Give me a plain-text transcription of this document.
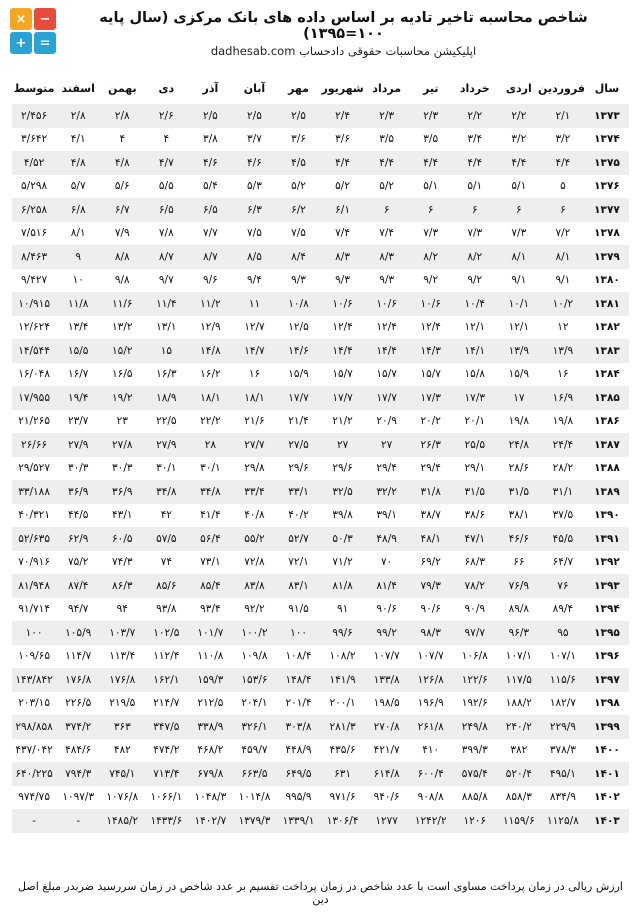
×	−
+	=
شاخص محاسبه تاخیر تادیه بر اساس داده های بانک مرکزی (سال پایه ۱۰۰=۱۳۹۵)
اپلیکیشن محاسبات حقوقی دادحساب dadhesab.com
سال	فروردین	اردی	خرداد	تیر	مرداد	شهریور	مهر	آبان	آذر	دی	بهمن	اسفند	متوسط
۱۳۷۳	۲/۱	۲/۲	۲/۲	۲/۳	۲/۳	۲/۴	۲/۵	۲/۵	۲/۵	۲/۶	۲/۸	۲/۸	۲/۴۵۶
۱۳۷۴	۳/۲	۳/۲	۳/۴	۳/۵	۳/۵	۳/۶	۳/۶	۳/۷	۳/۸	۴	۴	۴/۱	۳/۶۴۲
۱۳۷۵	۴/۴	۴/۴	۴/۴	۴/۴	۴/۴	۴/۴	۴/۵	۴/۶	۴/۶	۴/۷	۴/۸	۴/۸	۴/۵۲
۱۳۷۶	۵	۵/۱	۵/۱	۵/۱	۵/۲	۵/۲	۵/۲	۵/۳	۵/۴	۵/۵	۵/۶	۵/۷	۵/۲۹۸
۱۳۷۷	۶	۶	۶	۶	۶	۶/۱	۶/۲	۶/۳	۶/۵	۶/۵	۶/۷	۶/۸	۶/۲۵۸
۱۳۷۸	۷/۲	۷/۳	۷/۳	۷/۳	۷/۴	۷/۴	۷/۵	۷/۵	۷/۷	۷/۸	۷/۹	۸/۱	۷/۵۱۶
۱۳۷۹	۸/۱	۸/۱	۸/۲	۸/۲	۸/۳	۸/۳	۸/۴	۸/۵	۸/۷	۸/۷	۸/۸	۹	۸/۴۶۳
۱۳۸۰	۹/۱	۹/۱	۹/۲	۹/۲	۹/۳	۹/۳	۹/۳	۹/۴	۹/۶	۹/۷	۹/۸	۱۰	۹/۴۲۷
۱۳۸۱	۱۰/۲	۱۰/۱	۱۰/۴	۱۰/۶	۱۰/۶	۱۰/۶	۱۰/۸	۱۱	۱۱/۲	۱۱/۴	۱۱/۶	۱۱/۸	۱۰/۹۱۵
۱۳۸۲	۱۲	۱۲/۱	۱۲/۱	۱۲/۴	۱۲/۴	۱۲/۴	۱۲/۵	۱۲/۷	۱۲/۹	۱۳/۱	۱۳/۲	۱۳/۴	۱۲/۶۲۴
۱۳۸۳	۱۳/۹	۱۳/۹	۱۴/۱	۱۴/۳	۱۴/۴	۱۴/۴	۱۴/۶	۱۴/۷	۱۴/۸	۱۵	۱۵/۲	۱۵/۵	۱۴/۵۴۴
۱۳۸۴	۱۶	۱۵/۹	۱۵/۸	۱۵/۷	۱۵/۷	۱۵/۷	۱۵/۹	۱۶	۱۶/۲	۱۶/۳	۱۶/۵	۱۶/۷	۱۶/۰۴۸
۱۳۸۵	۱۶/۹	۱۷	۱۷/۳	۱۷/۳	۱۷/۷	۱۷/۷	۱۷/۷	۱۸/۱	۱۸/۱	۱۸/۹	۱۹/۲	۱۹/۴	۱۷/۹۵۵
۱۳۸۶	۱۹/۸	۱۹/۸	۲۰/۱	۲۰/۲	۲۰/۹	۲۱/۲	۲۱/۴	۲۱/۶	۲۲/۲	۲۲/۵	۲۳	۲۳/۷	۲۱/۲۶۵
۱۳۸۷	۲۴/۴	۲۴/۸	۲۵/۵	۲۶/۳	۲۷	۲۷	۲۷/۵	۲۷/۷	۲۸	۲۷/۹	۲۷/۸	۲۷/۹	۲۶/۶۶
۱۳۸۸	۲۸/۲	۲۸/۶	۲۹/۱	۲۹/۴	۲۹/۴	۲۹/۶	۲۹/۶	۲۹/۸	۳۰/۱	۳۰/۱	۳۰/۳	۳۰/۳	۲۹/۵۲۷
۱۳۸۹	۳۱/۱	۳۱/۵	۳۱/۵	۳۱/۸	۳۲/۲	۳۲/۵	۳۳/۱	۳۳/۴	۳۴/۸	۳۴/۸	۳۶/۹	۳۶/۹	۳۳/۱۸۸
۱۳۹۰	۳۷/۵	۳۸/۱	۳۸/۶	۳۸/۷	۳۹/۱	۳۹/۸	۴۰/۲	۴۰/۸	۴۱/۴	۴۲	۴۳/۱	۴۴/۵	۴۰/۳۲۱
۱۳۹۱	۴۵/۵	۴۶/۶	۴۷/۱	۴۸/۱	۴۸/۹	۵۰/۳	۵۲/۷	۵۵/۲	۵۶/۴	۵۷/۵	۶۰/۵	۶۲/۹	۵۲/۶۳۵
۱۳۹۲	۶۴/۷	۶۶	۶۸/۳	۶۹/۲	۷۰	۷۱/۲	۷۲/۱	۷۲/۸	۷۳/۱	۷۴	۷۴/۳	۷۵/۲	۷۰/۹۱۶
۱۳۹۳	۷۶	۷۶/۹	۷۸/۲	۷۹/۳	۸۱/۴	۸۱/۸	۸۳/۱	۸۳/۸	۸۵/۴	۸۵/۶	۸۶/۳	۸۷/۴	۸۱/۹۴۸
۱۳۹۴	۸۹/۴	۸۹/۸	۹۰/۹	۹۰/۶	۹۰/۶	۹۱	۹۱/۵	۹۲/۲	۹۳/۴	۹۳/۸	۹۴	۹۴/۷	۹۱/۷۱۴
۱۳۹۵	۹۵	۹۶/۳	۹۷/۷	۹۸/۳	۹۹/۲	۹۹/۶	۱۰۰	۱۰۰/۲	۱۰۱/۷	۱۰۲/۵	۱۰۳/۷	۱۰۵/۹	۱۰۰
۱۳۹۶	۱۰۷/۱	۱۰۷/۱	۱۰۶/۸	۱۰۷/۷	۱۰۷/۷	۱۰۸/۲	۱۰۸/۴	۱۰۹/۸	۱۱۰/۸	۱۱۲/۴	۱۱۳/۴	۱۱۴/۷	۱۰۹/۶۵
۱۳۹۷	۱۱۵/۶	۱۱۷/۵	۱۲۲/۶	۱۲۶/۸	۱۳۳/۸	۱۴۱/۹	۱۴۸/۴	۱۵۳/۶	۱۵۹/۳	۱۶۲/۱	۱۷۶/۸	۱۷۶/۸	۱۴۳/۸۴۲
۱۳۹۸	۱۸۲/۷	۱۸۸/۲	۱۹۲/۶	۱۹۶/۹	۱۹۸/۵	۲۰۰/۱	۲۰۱/۴	۲۰۴/۱	۲۱۲/۵	۲۱۴/۷	۲۱۹/۵	۲۲۶/۵	۲۰۳/۱۵
۱۳۹۹	۲۲۹/۹	۲۴۰/۲	۲۴۹/۸	۲۶۱/۸	۲۷۰/۸	۲۸۱/۳	۳۰۳/۸	۳۲۶/۱	۳۳۸/۹	۳۴۷/۵	۳۶۳	۳۷۴/۲	۲۹۸/۸۵۸
۱۴۰۰	۳۷۸/۳	۳۸۲	۳۹۹/۳	۴۱۰	۴۲۱/۷	۴۳۵/۶	۴۴۸/۹	۴۵۹/۷	۴۶۸/۲	۴۷۴/۲	۴۸۲	۴۸۴/۶	۴۳۷/۰۴۲
۱۴۰۱	۴۹۵/۱	۵۲۰/۴	۵۷۵/۴	۶۰۰/۴	۶۱۴/۸	۶۳۱	۶۴۹/۵	۶۶۳/۵	۶۷۹/۸	۷۱۳/۴	۷۴۵/۱	۷۹۴/۳	۶۴۰/۲۲۵
۱۴۰۲	۸۳۴/۹	۸۵۸/۳	۸۸۵/۸	۹۰۸/۸	۹۴۰/۶	۹۷۱/۶	۹۹۵/۹	۱۰۱۴/۸	۱۰۴۸/۳	۱۰۶۶/۱	۱۰۷۶/۸	۱۰۹۷/۳	۹۷۴/۷۵
۱۴۰۳	۱۱۲۵/۸	۱۱۵۹/۶	۱۲۰۶	۱۲۴۲/۲	۱۲۷۷	۱۳۰۶/۴	۱۳۳۹/۱	۱۳۷۹/۳	۱۴۰۲/۷	۱۴۳۳/۶	۱۴۸۵/۲	-	-
ارزش ریالی در زمان پرداخت مساوی است با عدد شاخص در زمان پرداخت تقسیم بر عدد شاخص در زمان سررسید ضربدر مبلغ اصل دین
